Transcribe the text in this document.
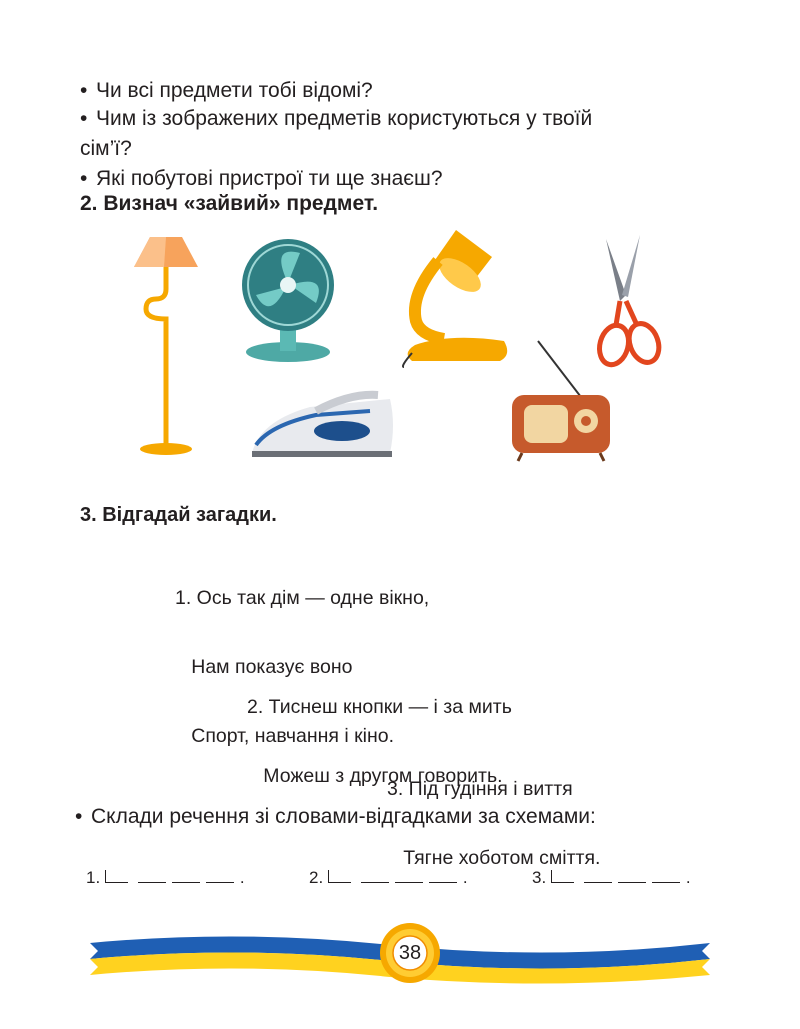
• Чи всі предмети тобі відомі?
• Чим із зображених предметів користуються у твоїй
сім’ї?
• Які побутові пристрої ти ще знаєш?
2. Визнач «зайвий» предмет.
3. Відгадай загадки.

1. Ось так дім — одне вікно,

Нам показує воно

Спорт, навчання і кіно.

2. Тиснеш кнопки — і за мить

Можеш з другом говорить.

3. Під гудіння і виття

Тягне хоботом сміття.

• Склади речення зі словами-відгадками за схемами:
1.	.	2.	.	3.	.
38
